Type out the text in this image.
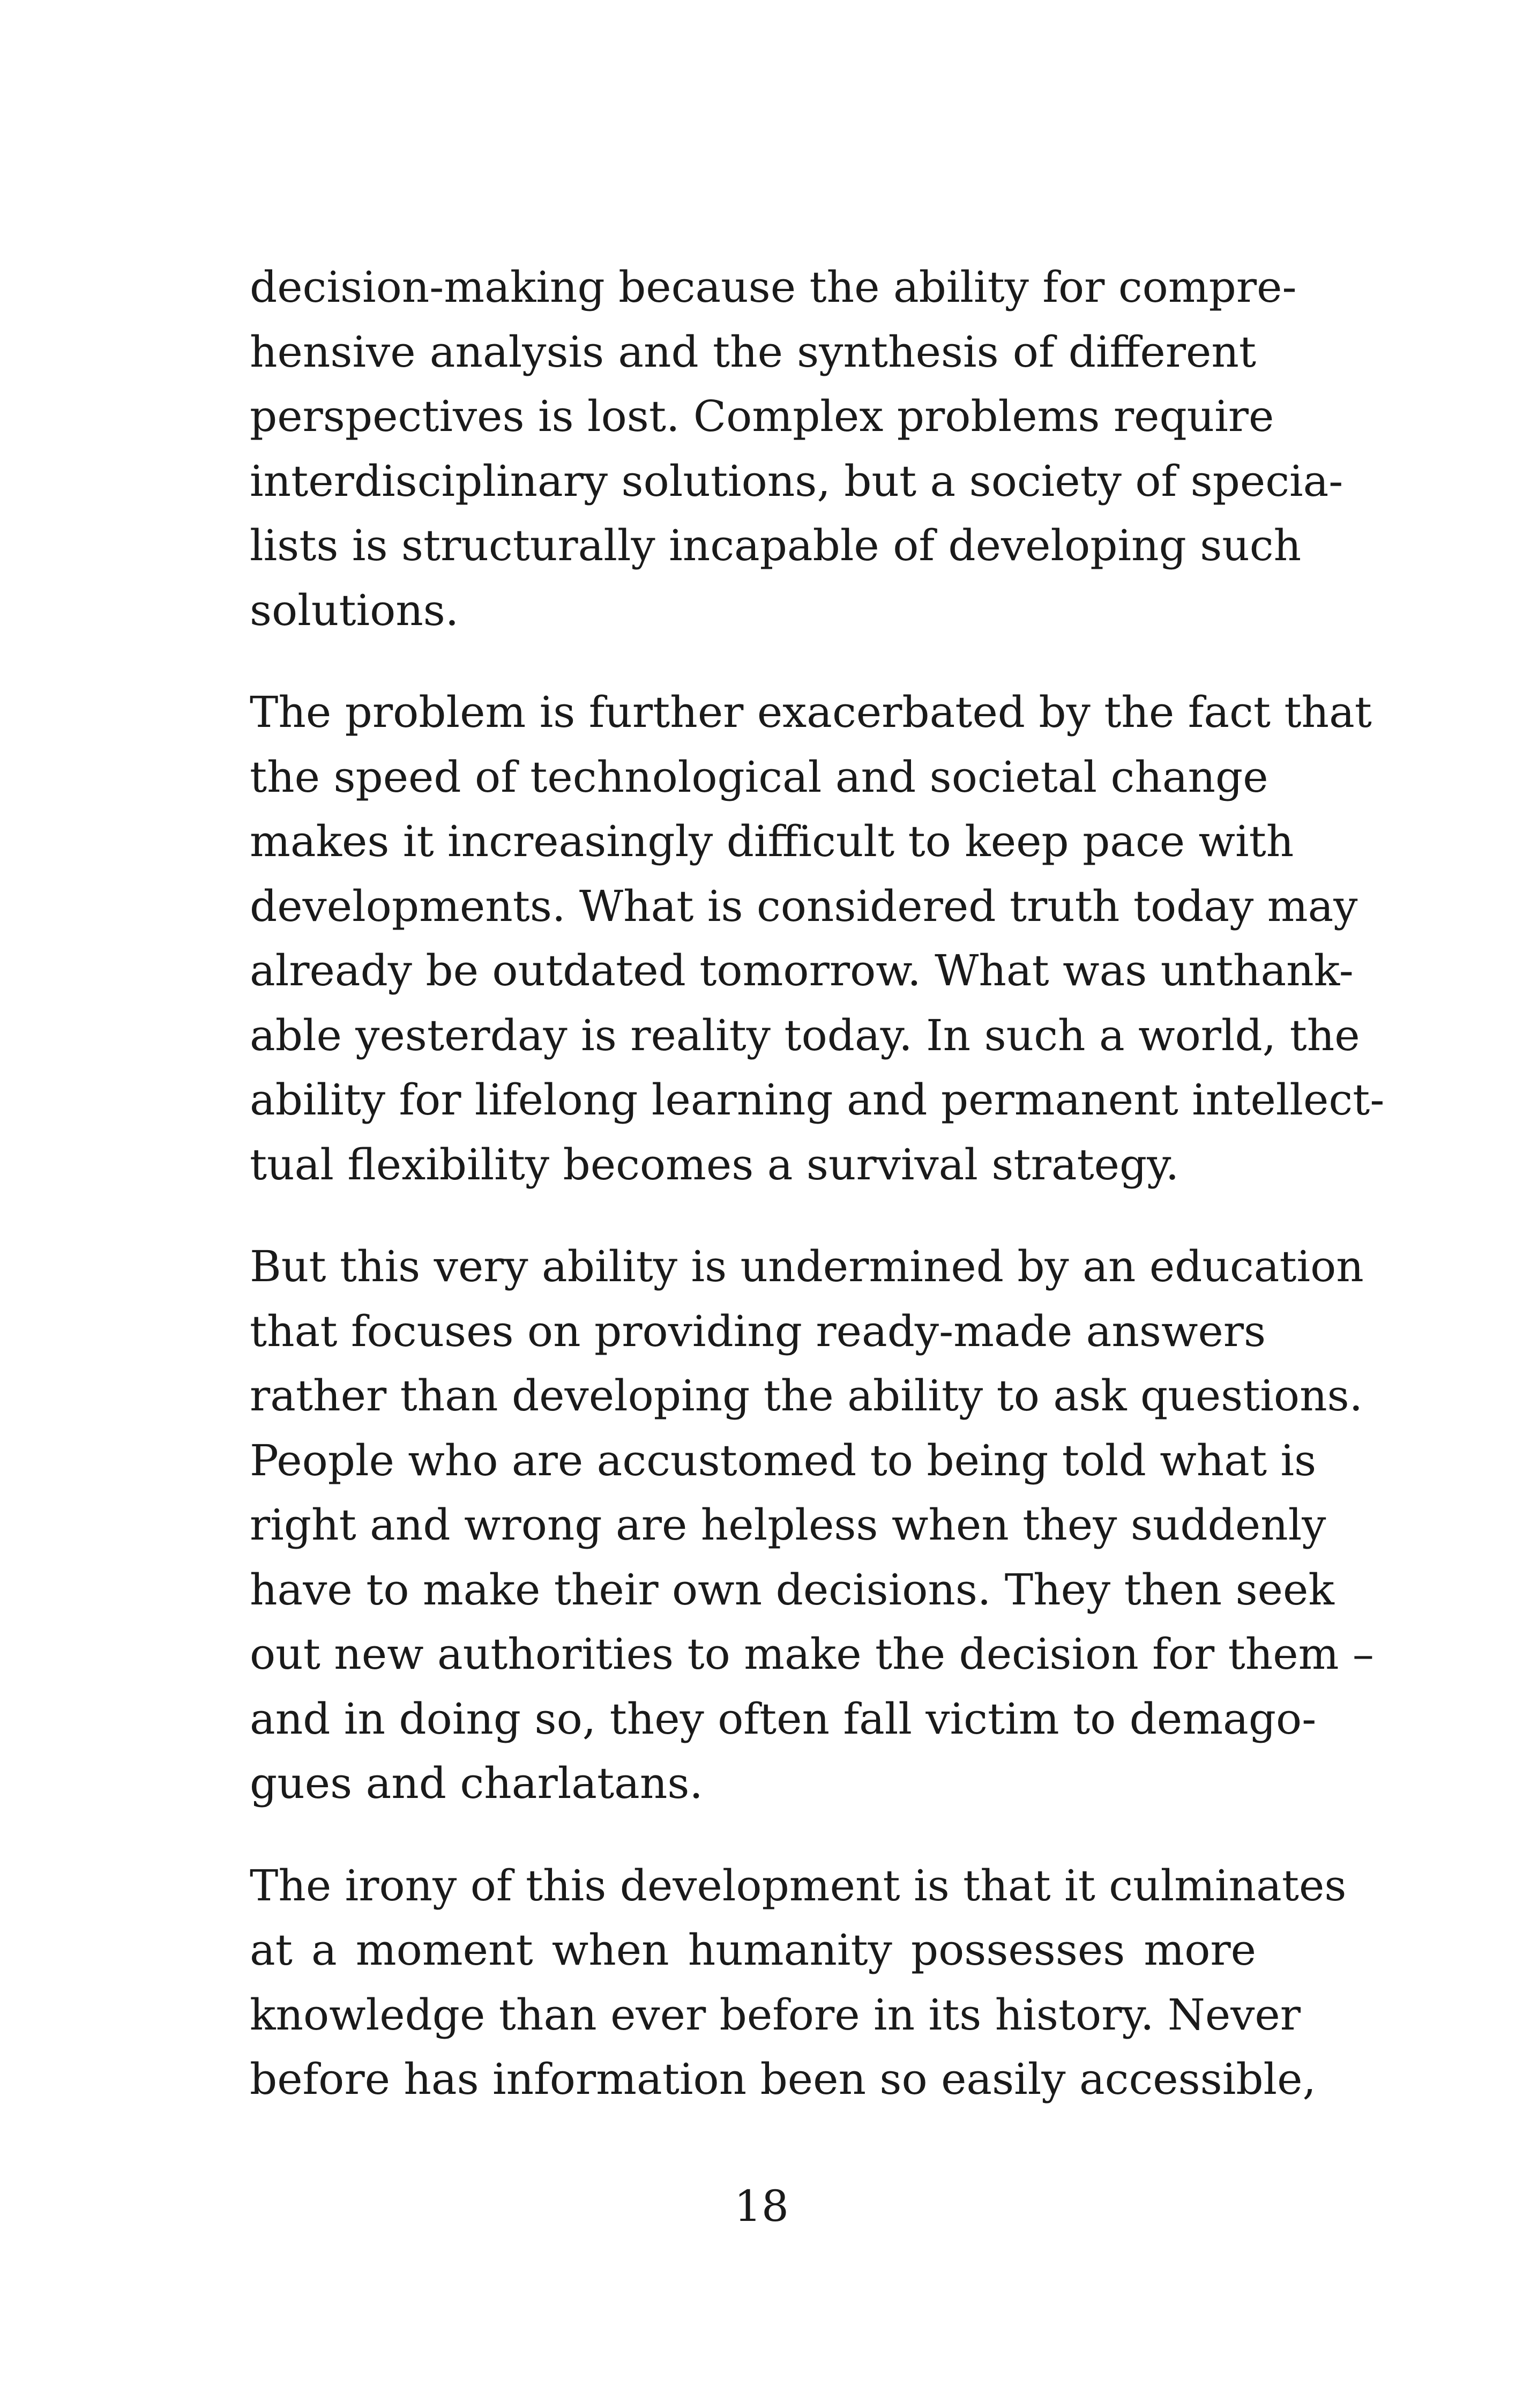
decision-making because the ability for compre-
hensive analysis and the synthesis of different
perspectives is lost. Complex problems require
interdisciplinary solutions, but a society of specia-
lists is structurally incapable of developing such
solutions.
The problem is further exacerbated by the fact that
the speed of technological and societal change
makes it increasingly difficult to keep pace with
developments. What is considered truth today may
already be outdated tomorrow. What was unthank-
able yesterday is reality today. In such a world, the
ability for lifelong learning and permanent intellect-
tual flexibility becomes a survival strategy.
But this very ability is undermined by an education
that focuses on providing ready-made answers
rather than developing the ability to ask questions.
People who are accustomed to being told what is
right and wrong are helpless when they suddenly
have to make their own decisions. They then seek
out new authorities to make the decision for them –
and in doing so, they often fall victim to demago-
gues and charlatans.
The irony of this development is that it culminates
at a moment when humanity possesses more
knowledge than ever before in its history. Never
before has information been so easily accessible,
18
